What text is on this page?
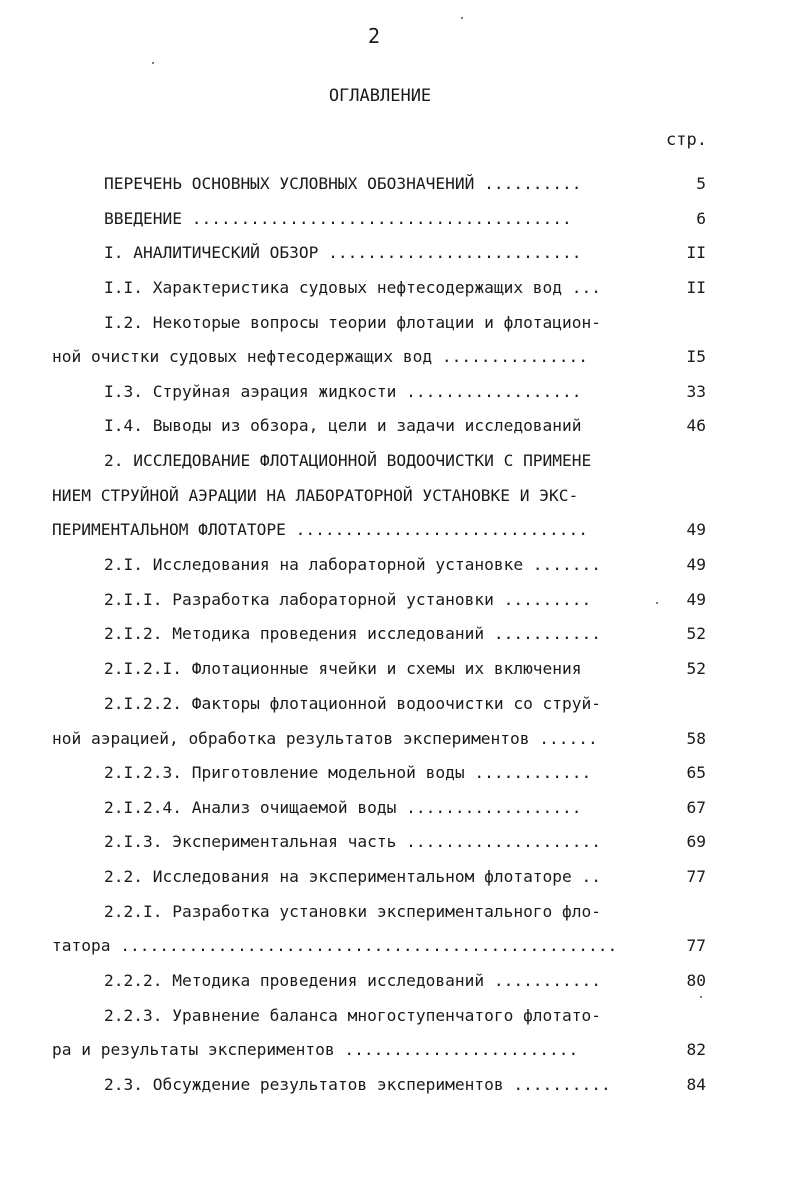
2
ОГЛАВЛЕНИЕ
стр.
ПЕРЕЧЕНЬ ОСНОВНЫХ УСЛОВНЫХ ОБОЗНАЧЕНИЙ ..........	5
ВВЕДЕНИЕ .......................................	6
I. АНАЛИТИЧЕСКИЙ ОБЗОР ..........................	II
I.I. Характеристика судовых нефтесодержащих вод ...	II
I.2. Некоторые вопросы теории флотации и флотацион-
ной очистки судовых нефтесодержащих вод ...............	I5
I.3. Струйная аэрация жидкости ..................	33
I.4. Выводы из обзора, цели и задачи исследований	46
2. ИССЛЕДОВАНИЕ ФЛОТАЦИОННОЙ ВОДООЧИСТКИ С ПРИМЕНЕ
НИЕМ СТРУЙНОЙ АЭРАЦИИ НА ЛАБОРАТОРНОЙ УСТАНОВКЕ И ЭКС-
ПЕРИМЕНТАЛЬНОМ ФЛОТАТОРЕ ..............................	49
2.I. Исследования на лабораторной установке .......	49
2.I.I. Разработка лабораторной установки .........	49
2.I.2. Методика проведения исследований ...........	52
2.I.2.I. Флотационные ячейки и схемы их включения	52
2.I.2.2. Факторы флотационной водоочистки со струй-
ной аэрацией, обработка результатов экспериментов ......	58
2.I.2.3. Приготовление модельной воды ............	65
2.I.2.4. Анализ очищаемой воды ..................	67
2.I.3. Экспериментальная часть ....................	69
2.2. Исследования на экспериментальном флотаторе ..	77
2.2.I. Разработка установки экспериментального фло-
татора ...................................................	77
2.2.2. Методика проведения исследований ...........	80
2.2.3. Уравнение баланса многоступенчатого флотато-
ра и результаты экспериментов ........................	82
2.3. Обсуждение результатов экспериментов ..........	84
